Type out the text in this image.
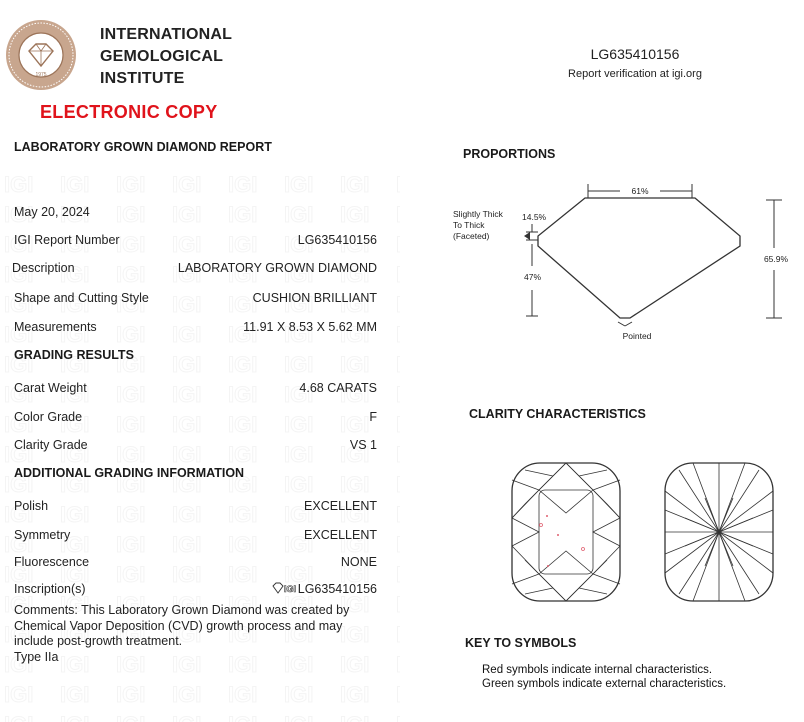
1975
INTERNATIONAL
GEMOLOGICAL
INSTITUTE
ELECTRONIC COPY
LG635410156
Report verification at igi.org
LABORATORY GROWN DIAMOND REPORT
May 20, 2024
IGI Report Number	LG635410156
Description	LABORATORY GROWN DIAMOND
Shape and Cutting Style	CUSHION BRILLIANT
Measurements	11.91 X 8.53 X 5.62 MM
GRADING RESULTS
Carat Weight	4.68 CARATS
Color Grade	F
Clarity Grade	VS 1
ADDITIONAL GRADING INFORMATION
Polish	EXCELLENT
Symmetry	EXCELLENT
Fluorescence	NONE
Inscription(s)	IGI LG635410156
Comments: This Laboratory Grown Diamond was created by Chemical Vapor Deposition (CVD) growth process and may include post-growth treatment.
Type IIa
PROPORTIONS
61%
Slightly Thick
To Thick
(Faceted)
14.5%
47%
65.9%
Pointed
CLARITY CHARACTERISTICS
KEY TO SYMBOLS
Red symbols indicate internal characteristics.
Green symbols indicate external characteristics.
